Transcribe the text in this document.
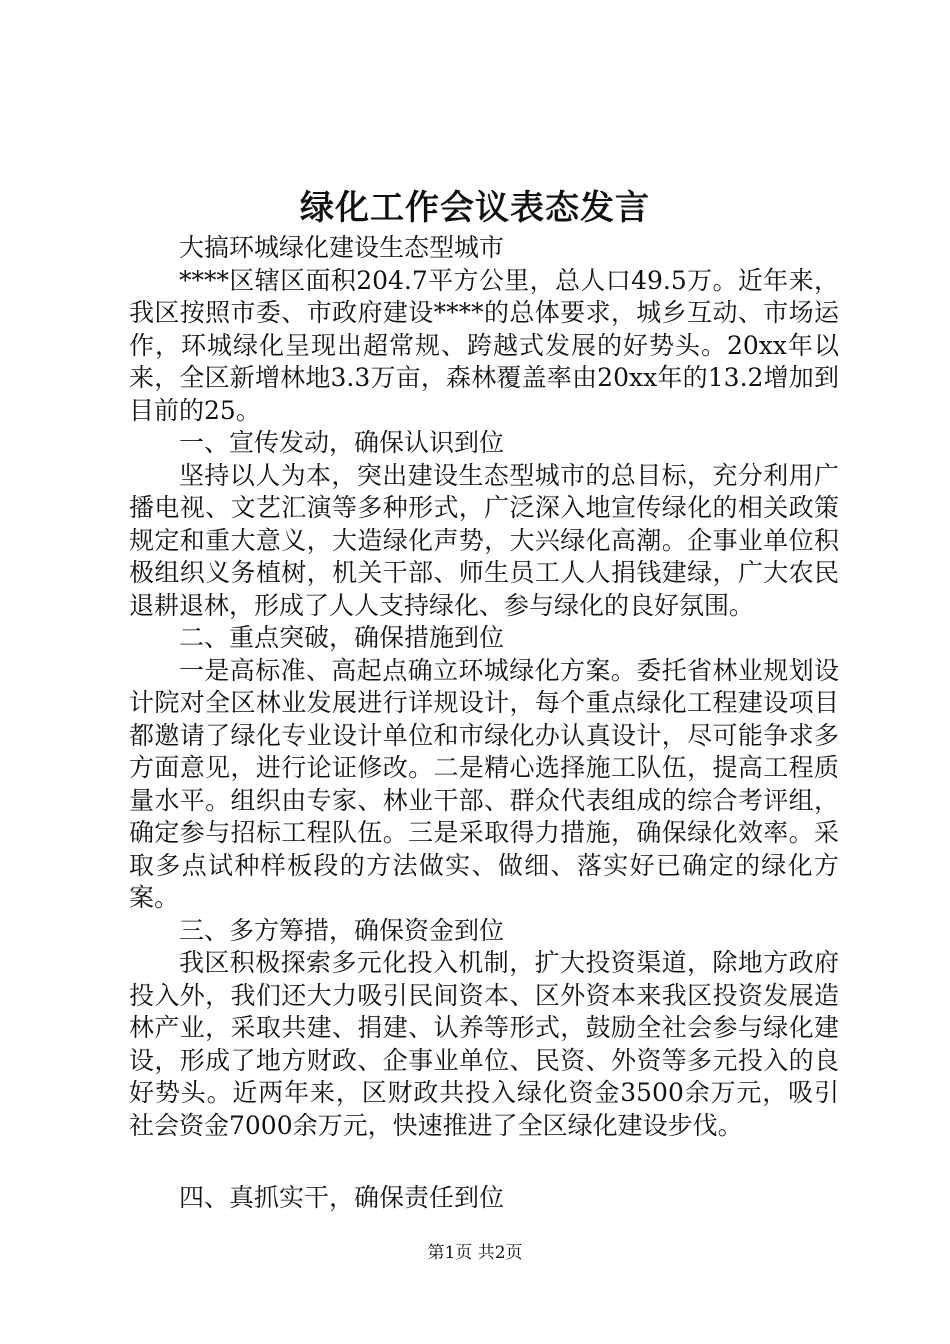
绿化工作会议表态发言

大搞环城绿化建设生态型城市

****区辖区面积204.7平方公里，总人口49.5万。近年来，我区按照市委、市政府建设****的总体要求，城乡互动、市场运作，环城绿化呈现出超常规、跨越式发展的好势头。20xx年以来，全区新增林地3.3万亩，森林覆盖率由20xx年的13.2增加到目前的25。

一、宣传发动，确保认识到位

坚持以人为本，突出建设生态型城市的总目标，充分利用广播电视、文艺汇演等多种形式，广泛深入地宣传绿化的相关政策规定和重大意义，大造绿化声势，大兴绿化高潮。企事业单位积极组织义务植树，机关干部、师生员工人人捐钱建绿，广大农民退耕退林，形成了人人支持绿化、参与绿化的良好氛围。

二、重点突破，确保措施到位

一是高标准、高起点确立环城绿化方案。委托省林业规划设计院对全区林业发展进行详规设计，每个重点绿化工程建设项目都邀请了绿化专业设计单位和市绿化办认真设计，尽可能争求多方面意见，进行论证修改。二是精心选择施工队伍，提高工程质量水平。组织由专家、林业干部、群众代表组成的综合考评组，确定参与招标工程队伍。三是采取得力措施，确保绿化效率。采取多点试种样板段的方法做实、做细、落实好已确定的绿化方案。

三、多方筹措，确保资金到位

我区积极探索多元化投入机制，扩大投资渠道，除地方政府投入外，我们还大力吸引民间资本、区外资本来我区投资发展造林产业，采取共建、捐建、认养等形式，鼓励全社会参与绿化建设，形成了地方财政、企事业单位、民资、外资等多元投入的良好势头。近两年来，区财政共投入绿化资金3500余万元，吸引社会资金7000余万元，快速推进了全区绿化建设步伐。

四、真抓实干，确保责任到位

第1页 共2页
